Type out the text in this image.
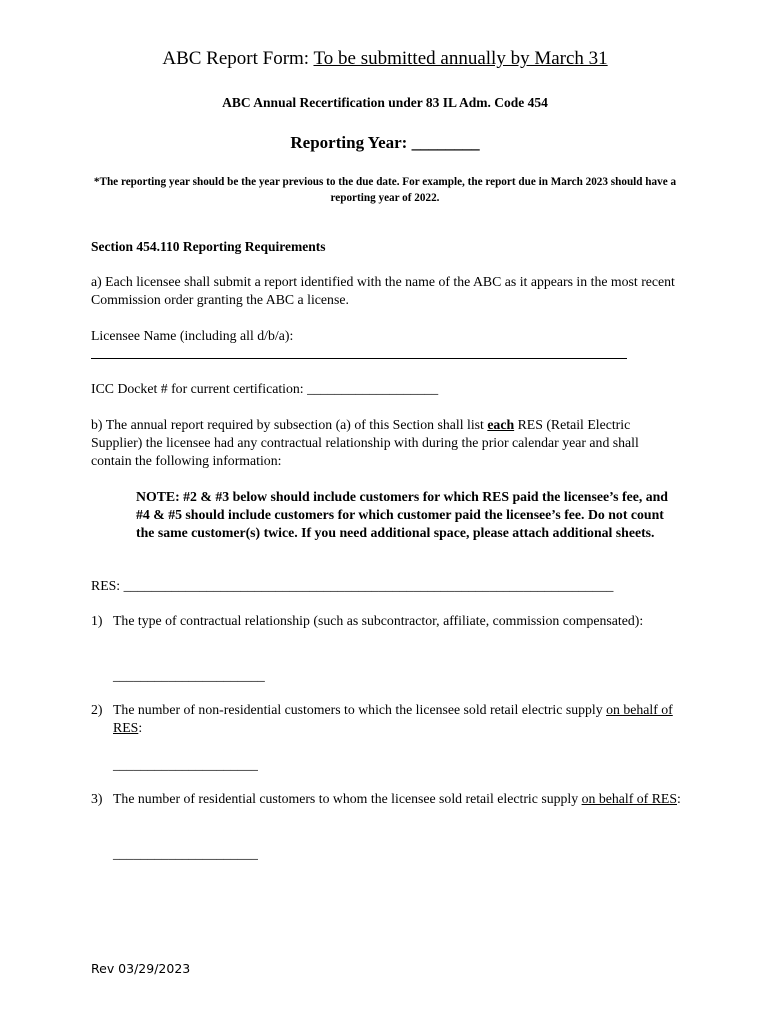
ABC Report Form: To be submitted annually by March 31
ABC Annual Recertification under 83 IL Adm. Code 454
Reporting Year: ________
*The reporting year should be the year previous to the due date. For example, the report due in March 2023 should have a reporting year of 2022.
Section 454.110 Reporting Requirements
a) Each licensee shall submit a report identified with the name of the ABC as it appears in the most recent Commission order granting the ABC a license.
Licensee Name (including all d/b/a):
ICC Docket # for current certification: ___________________
b) The annual report required by subsection (a) of this Section shall list each RES (Retail Electric Supplier) the licensee had any contractual relationship with during the prior calendar year and shall contain the following information:
NOTE: #2 & #3 below should include customers for which RES paid the licensee’s fee, and #4 & #5 should include customers for which customer paid the licensee’s fee. Do not count the same customer(s) twice. If you need additional space, please attach additional sheets.
RES: _______________________________________________________________________
1) The type of contractual relationship (such as subcontractor, affiliate, commission compensated):
______________________
2) The number of non-residential customers to which the licensee sold retail electric supply on behalf of RES:
_____________________
3) The number of residential customers to whom the licensee sold retail electric supply on behalf of RES:
_____________________
Rev 03/29/2023
